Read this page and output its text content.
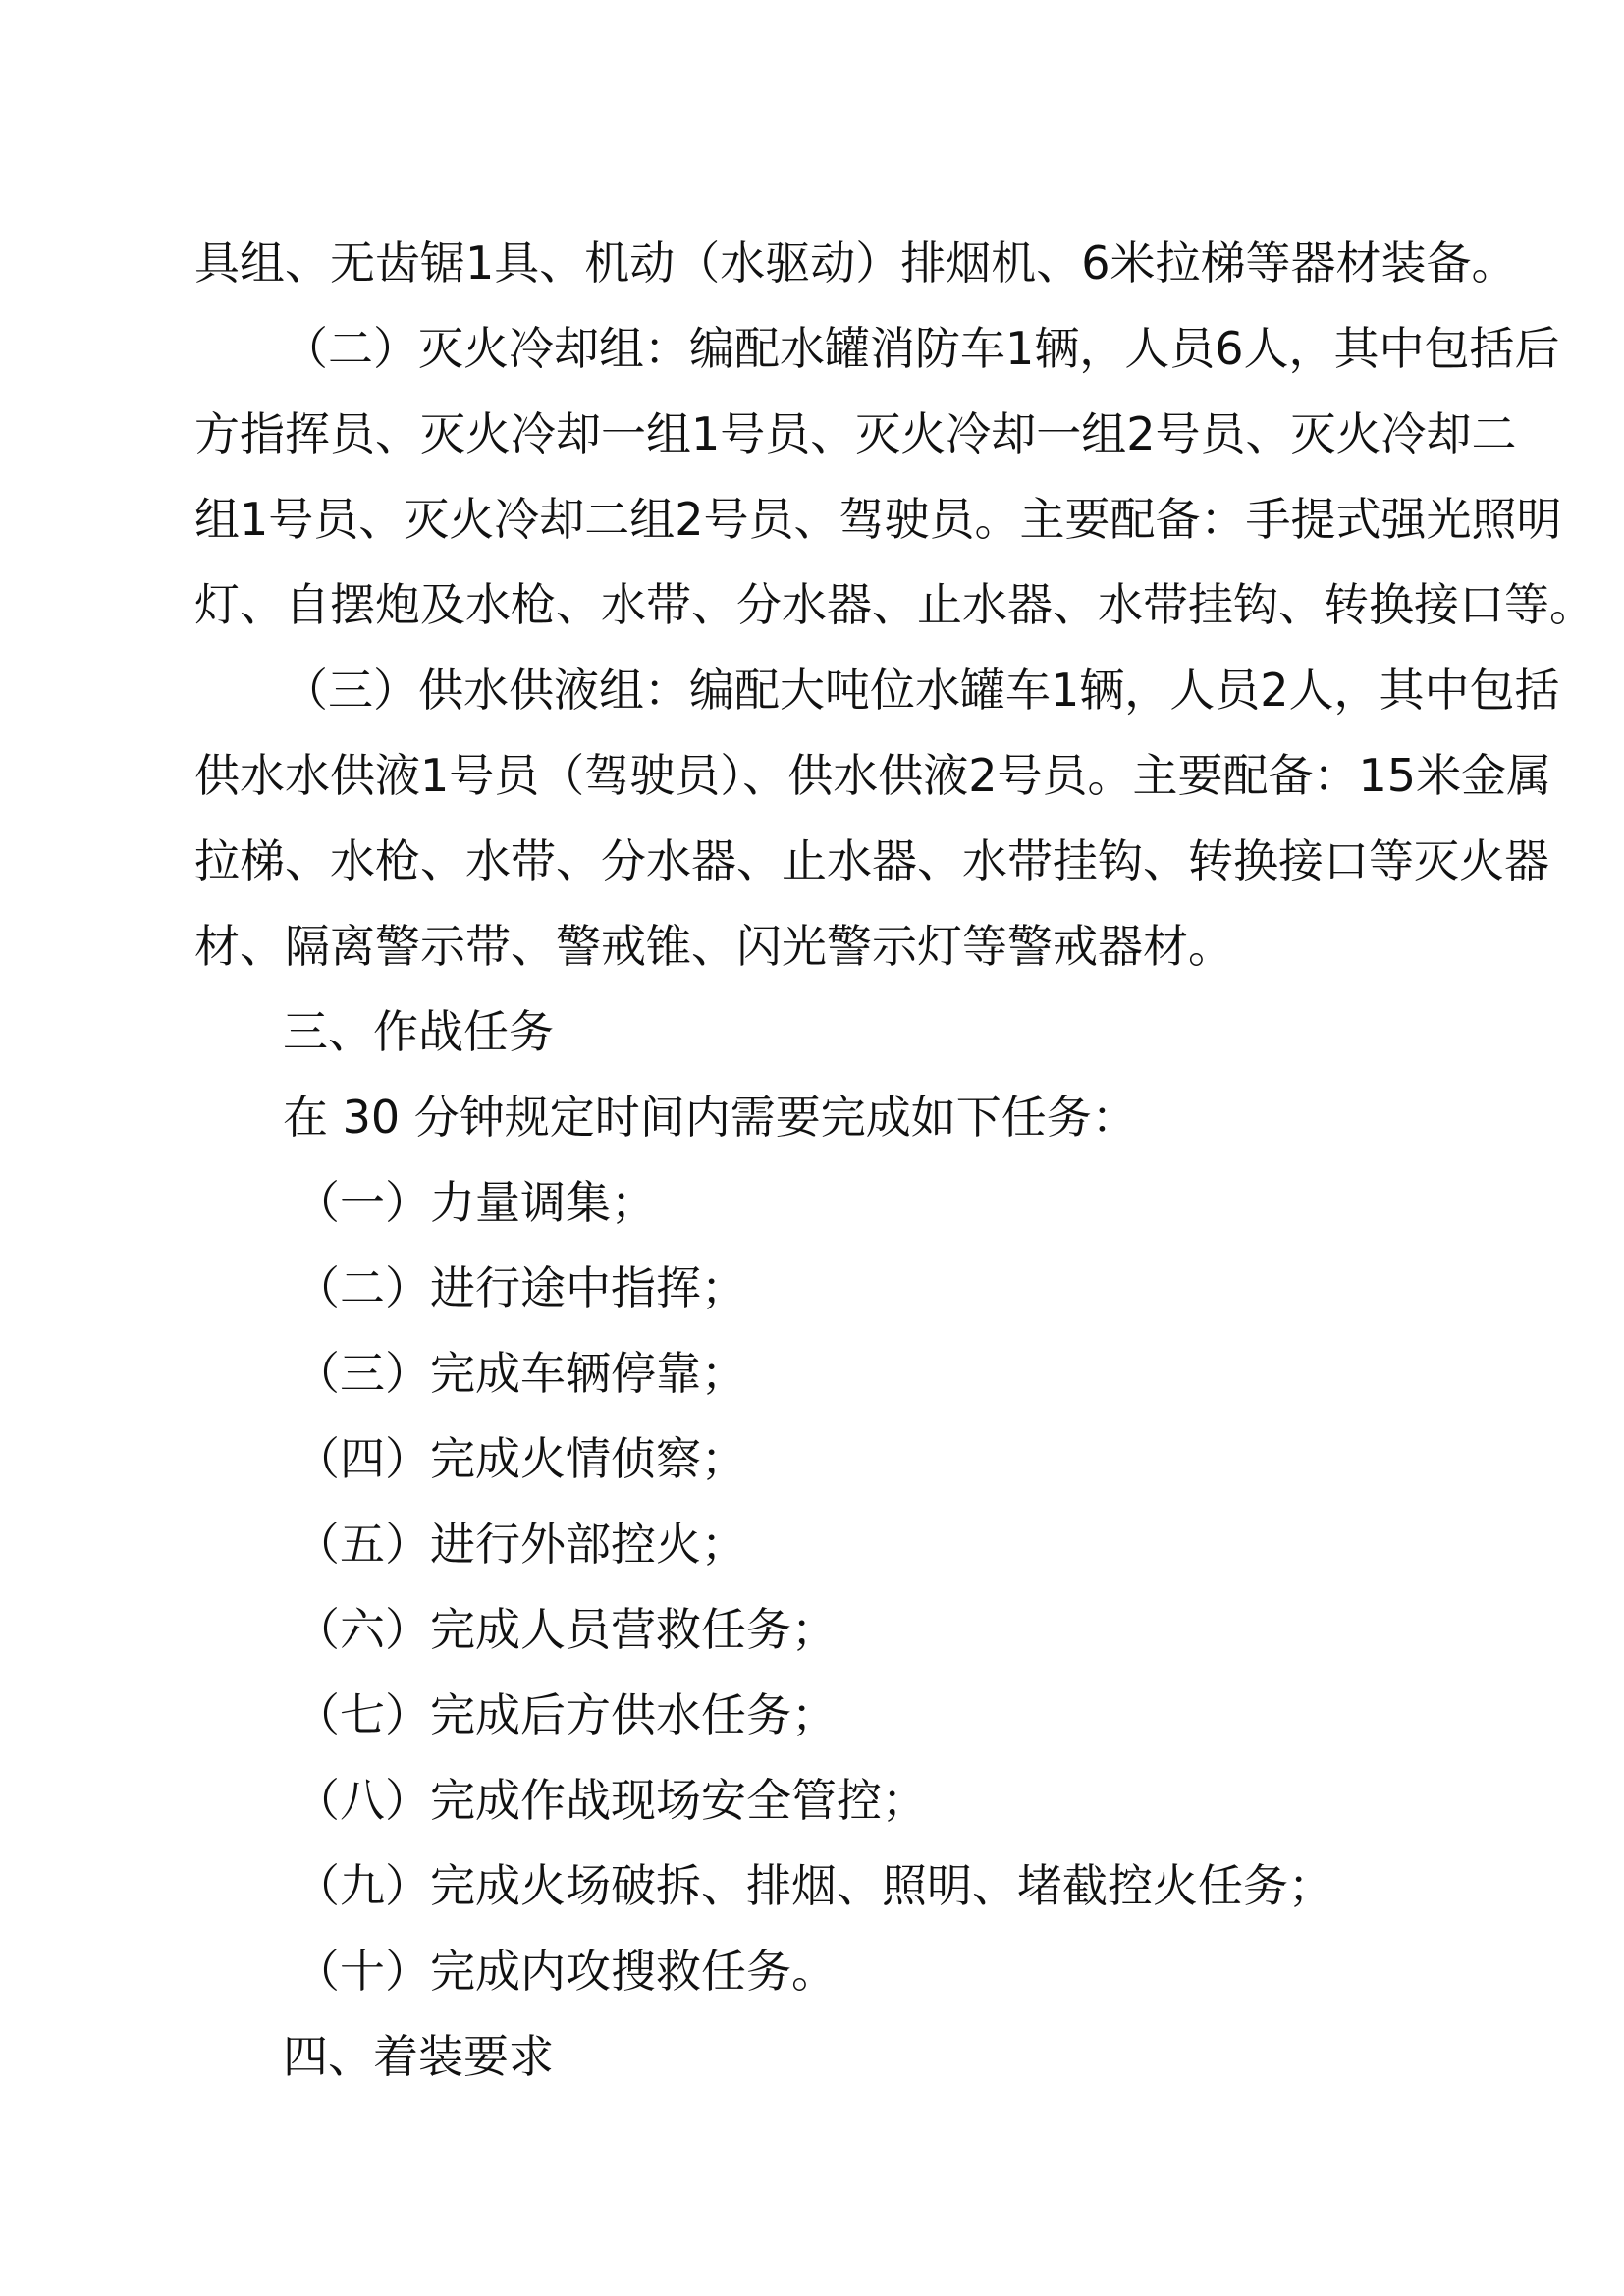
具组、无齿锯1具、机动（水驱动）排烟机、6米拉梯等器材装备。
（二）灭火冷却组：编配水罐消防车1辆，人员6人，其中包括后
方指挥员、灭火冷却一组1号员、灭火冷却一组2号员、灭火冷却二
组1号员、灭火冷却二组2号员、驾驶员。主要配备：手提式强光照明
灯、自摆炮及水枪、水带、分水器、止水器、水带挂钩、转换接口等。
（三）供水供液组：编配大吨位水罐车1辆，人员2人，其中包括
供水水供液1号员（驾驶员）、供水供液2号员。主要配备：15米金属
拉梯、水枪、水带、分水器、止水器、水带挂钩、转换接口等灭火器
材、隔离警示带、警戒锥、闪光警示灯等警戒器材。
三、作战任务
在 30 分钟规定时间内需要完成如下任务：
（一）力量调集；
（二）进行途中指挥；
（三）完成车辆停靠；
（四）完成火情侦察；
（五）进行外部控火；
（六）完成人员营救任务；
（七）完成后方供水任务；
（八）完成作战现场安全管控；
（九）完成火场破拆、排烟、照明、堵截控火任务；
（十）完成内攻搜救任务。
四、着装要求
